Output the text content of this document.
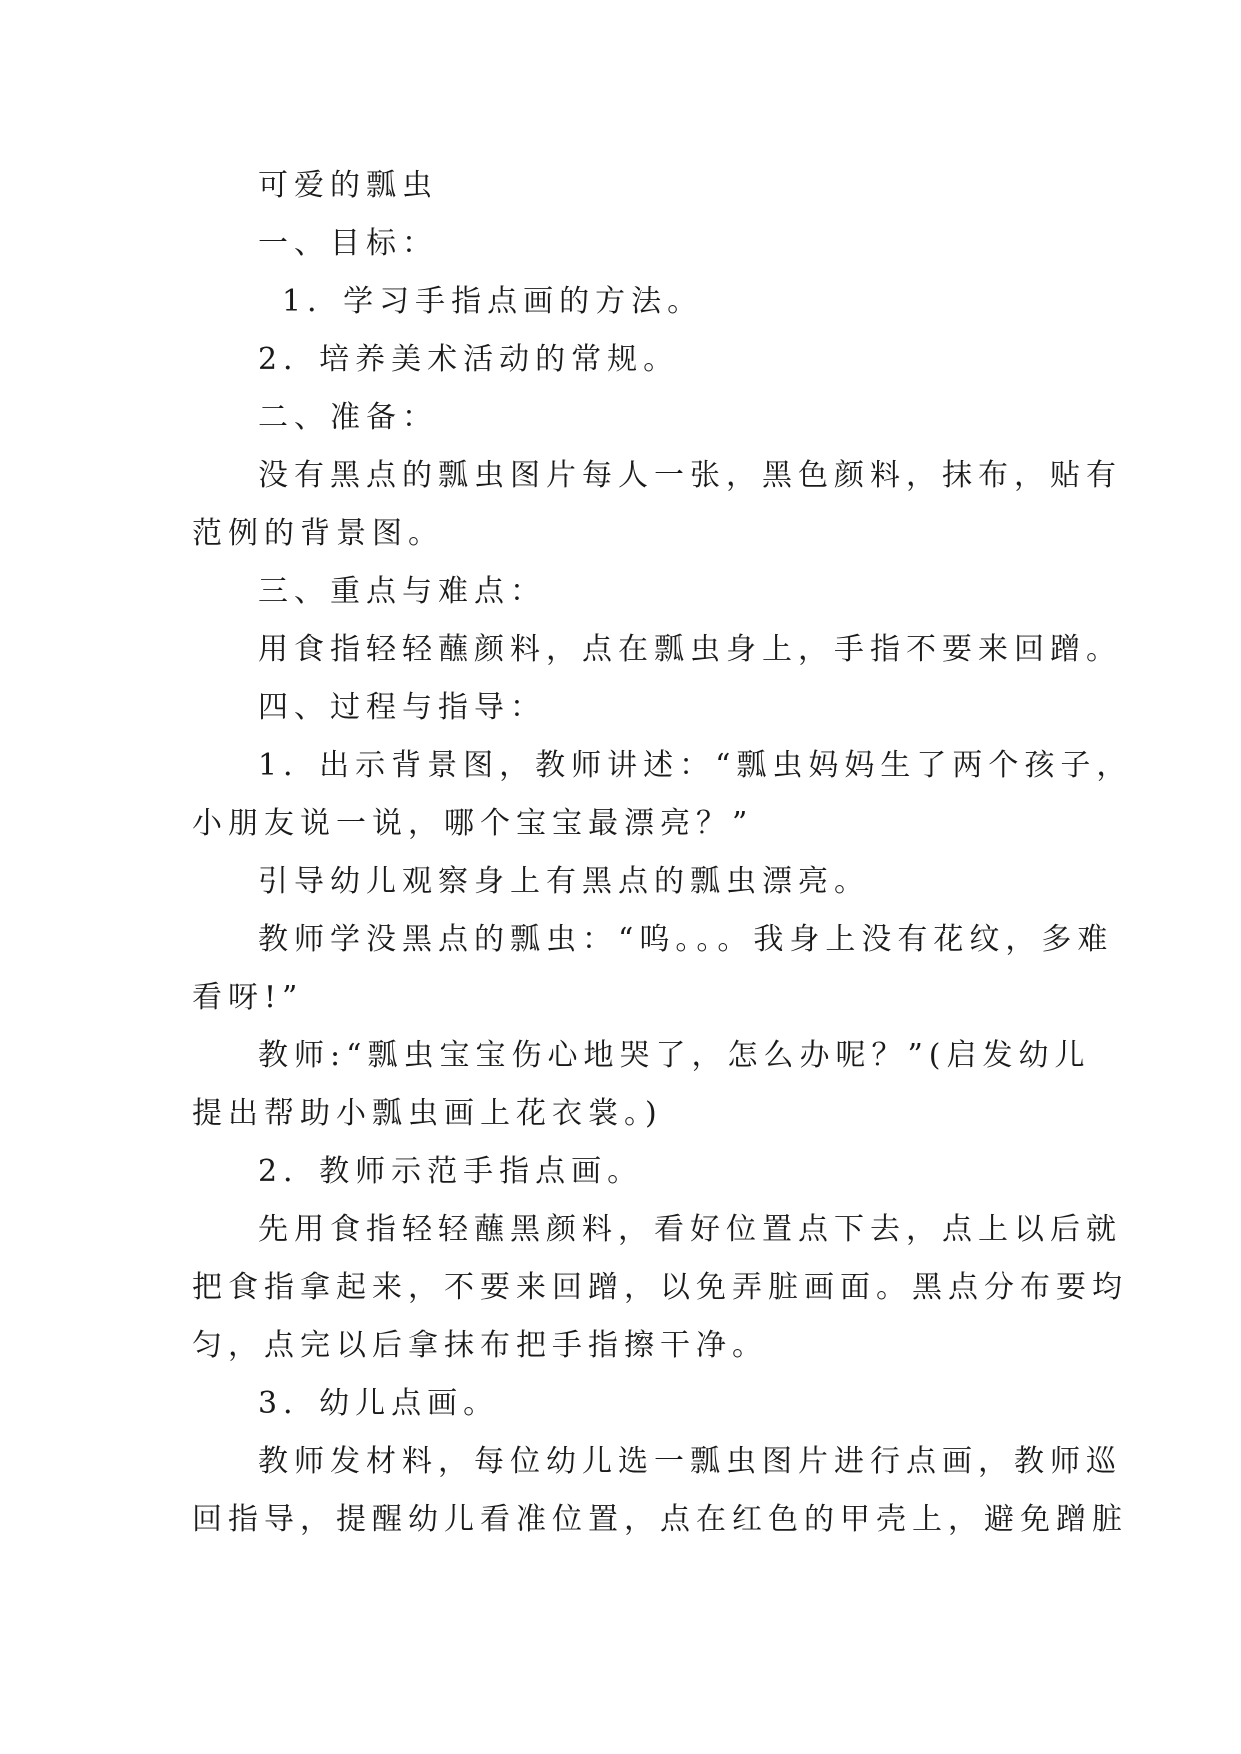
可爱的瓢虫
一、目标：
1．学习手指点画的方法。
2．培养美术活动的常规。
二、准备：
没有黑点的瓢虫图片每人一张，黑色颜料，抹布，贴有
范例的背景图。
三、重点与难点：
用食指轻轻蘸颜料，点在瓢虫身上，手指不要来回蹭。
四、过程与指导：
1．出示背景图，教师讲述：“瓢虫妈妈生了两个孩子，
小朋友说一说，哪个宝宝最漂亮？”
引导幼儿观察身上有黑点的瓢虫漂亮。
教师学没黑点的瓢虫：“呜。。。我身上没有花纹，多难
看呀!”
教师:“瓢虫宝宝伤心地哭了，怎么办呢？”(启发幼儿
提出帮助小瓢虫画上花衣裳。)
2．教师示范手指点画。
先用食指轻轻蘸黑颜料，看好位置点下去，点上以后就
把食指拿起来，不要来回蹭，以免弄脏画面。黑点分布要均
匀，点完以后拿抹布把手指擦干净。
3．幼儿点画。
教师发材料，每位幼儿选一瓢虫图片进行点画，教师巡
回指导，提醒幼儿看准位置，点在红色的甲壳上，避免蹭脏
